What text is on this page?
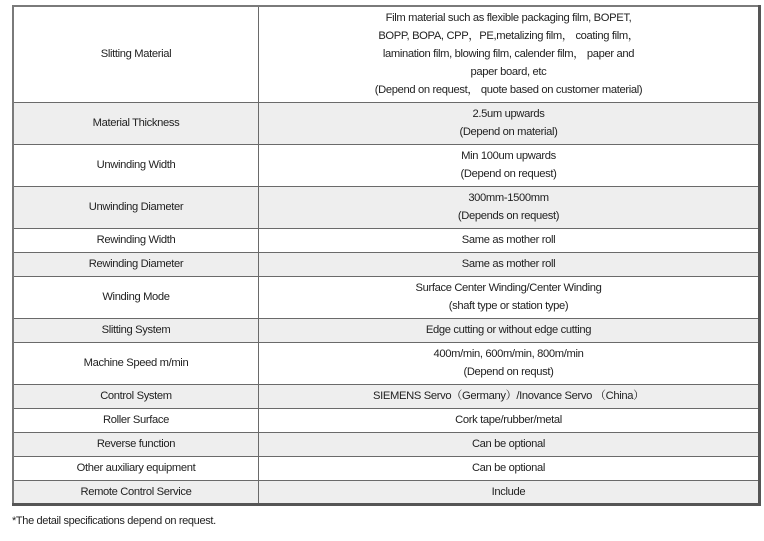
Slitting Material	Film material such as flexible packaging film, BOPET,
BOPP, BOPA, CPP，PE,metalizing film， coating film，
lamination film, blowing film, calender film， paper and
paper board, etc
(Depend on request， quote based on customer material)

Material Thickness	2.5um upwards
(Depend on material)

Unwinding Width	Min 100um upwards
(Depend on request)

Unwinding Diameter	300mm-1500mm
(Depends on request)

Rewinding Width	Same as mother roll

Rewinding Diameter	Same as mother roll

Winding Mode	Surface Center Winding/Center Winding
(shaft type or station type)

Slitting System	Edge cutting or without edge cutting

Machine Speed m/min	400m/min, 600m/min, 800m/min
(Depend on requst)

Control System	SIEMENS Servo（Germany）/Inovance Servo （China）

Roller Surface	Cork tape/rubber/metal

Reverse function	Can be optional

Other auxiliary equipment	Can be optional

Remote Control Service	Include
*The detail specifications depend on request.
